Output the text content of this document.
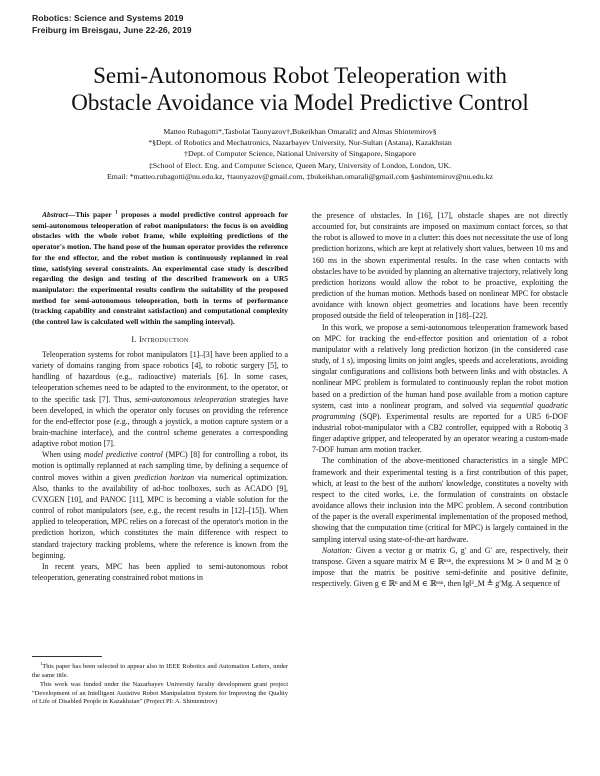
Robotics: Science and Systems 2019
Freiburg im Breisgau, June 22-26, 2019
Semi-Autonomous Robot Teleoperation with
Obstacle Avoidance via Model Predictive Control
Matteo Rubagotti*,Tasbolat Taunyazov†,Bukeikhan Omarali‡ and Almas Shintemirov§
*§Dept. of Robotics and Mechatronics, Nazarbayev University, Nur-Sultan (Astana), Kazakhstan
†Dept. of Computer Science, National University of Singapore, Singapore
‡School of Elect. Eng. and Computer Science, Queen Mary, University of London, London, UK.
Email: *matteo.rubagotti@nu.edu.kz, †taunyazov@gmail.com, ‡bukeikhan.omarali@gmail.com §ashintemirov@nu.edu.kz
Abstract—This paper $^1$ proposes a model predictive control approach for semi-autonomous teleoperation of robot manipulators: the focus is on avoiding obstacles with the whole robot frame, while exploiting predictions of the operator's motion. The hand pose of the human operator provides the reference for the end effector, and the robot motion is continuously replanned in real time, satisfying several constraints. An experimental case study is described regarding the design and testing of the described framework on a UR5 manipulator: the experimental results confirm the suitability of the proposed method for semi-autonomous teleoperation, both in terms of performance (tracking capability and constraint satisfaction) and computational complexity (the control law is calculated well within the sampling interval).
I. Introduction

Teleoperation systems for robot manipulators [1]–[3] have been applied to a variety of domains ranging from space robotics [4], to robotic surgery [5], to handling of hazardous (e.g., radioactive) materials [6]. In some cases, teleoperation schemes need to be adapted to the environment, to the operator, or to the specific task [7]. Thus, semi-autonomous teleoperation strategies have been developed, in which the operator only focuses on providing the reference for the end-effector pose (e.g., through a joystick, a motion capture system or a brain-machine interface), and the control scheme generates a corresponding adaptive robot motion [7].

When using model predictive control (MPC) [8] for controlling a robot, its motion is optimally replanned at each sampling time, by defining a sequence of control moves within a given prediction horizon via numerical optimization. Also, thanks to the availability of ad-hoc toolboxes, such as ACADO [9], CVXGEN [10], and PANOC [11], MPC is becoming a viable solution for the control of robot manipulators (see, e.g., the recent results in [12]–[15]). When applied to teleoperation, MPC relies on a forecast of the operator's motion in the prediction horizon, which constitutes the main difference with respect to standard trajectory tracking problems, where the reference is known from the beginning.

In recent years, MPC has been applied to semi-autonomous robot teleoperation, generating constrained robot motions in

$^1$This paper has been selected to appear also in IEEE Robotics and Automation Letters, under the same title.
This work was funded under the Nazarbayev University faculty development grant project "Development of an Intelligent Assistive Robot Manipulation System for Improving the Quality of Life of Disabled People in Kazakhstan" (Project PI: A. Shintemirov)

the presence of obstacles. In [16], [17], obstacle shapes are not directly accounted for, but constraints are imposed on maximum contact forces, so that the robot is allowed to move in a clutter: this does not necessitate the use of long prediction horizons, which are kept at relatively short values, between 10 ms and 160 ms in the shown experimental results. In the case when contacts with obstacles have to be avoided by planning an alternative trajectory, relatively long prediction horizons would allow the robot to be proactive, exploiting the prediction of the human motion. Methods based on nonlinear MPC for obstacle avoidance with known object geometries and locations have been recently proposed outside the field of teleoperation in [18]–[22].

In this work, we propose a semi-autonomous teleoperation framework based on MPC for tracking the end-effector position and orientation of a robot manipulator with a relatively long prediction horizon (in the considered case study, of 1 s), imposing limits on joint angles, speeds and accelerations, avoiding singular configurations and collisions both between links and with obstacles. A nonlinear MPC problem is formulated to continuously replan the robot motion based on a prediction of the human hand pose available from a motion capture system, cast into a nonlinear program, and solved via sequential quadratic programming (SQP). Experimental results are reported for a UR5 6-DOF industrial robot-manipulator with a CB2 controller, equipped with a Robotiq 3 finger adaptive gripper, and teleoperated by an operator wearing a custom-made 7-DOF human arm motion tracker.

The combination of the above-mentioned characteristics in a single MPC framework and their experimental testing is a first contribution of this paper, which, at least to the best of the authors' knowledge, constitutes a novelty with respect to the cited works, i.e. the formulation of constraints on obstacle avoidance allows their inclusion into the MPC problem. A second contribution of the paper is the overall experimental implementation of the proposed method, showing that the computation time (critical for MPC) is largely contained in the sampling interval using state-of-the-art hardware.

Notation: Given a vector g or matrix G, g′ and G′ are, respectively, their transpose. Given a square matrix M ∈ ℝⁿˣⁿ, the expressions M ≻ 0 and M ⪰ 0 impose that the matrix be positive semi-definite and positive definite, respectively. Given g ∈ ℝⁿ and M ∈ ℝⁿˣⁿ, then ‖g‖²_M ≜ g′Mg. A sequence of
